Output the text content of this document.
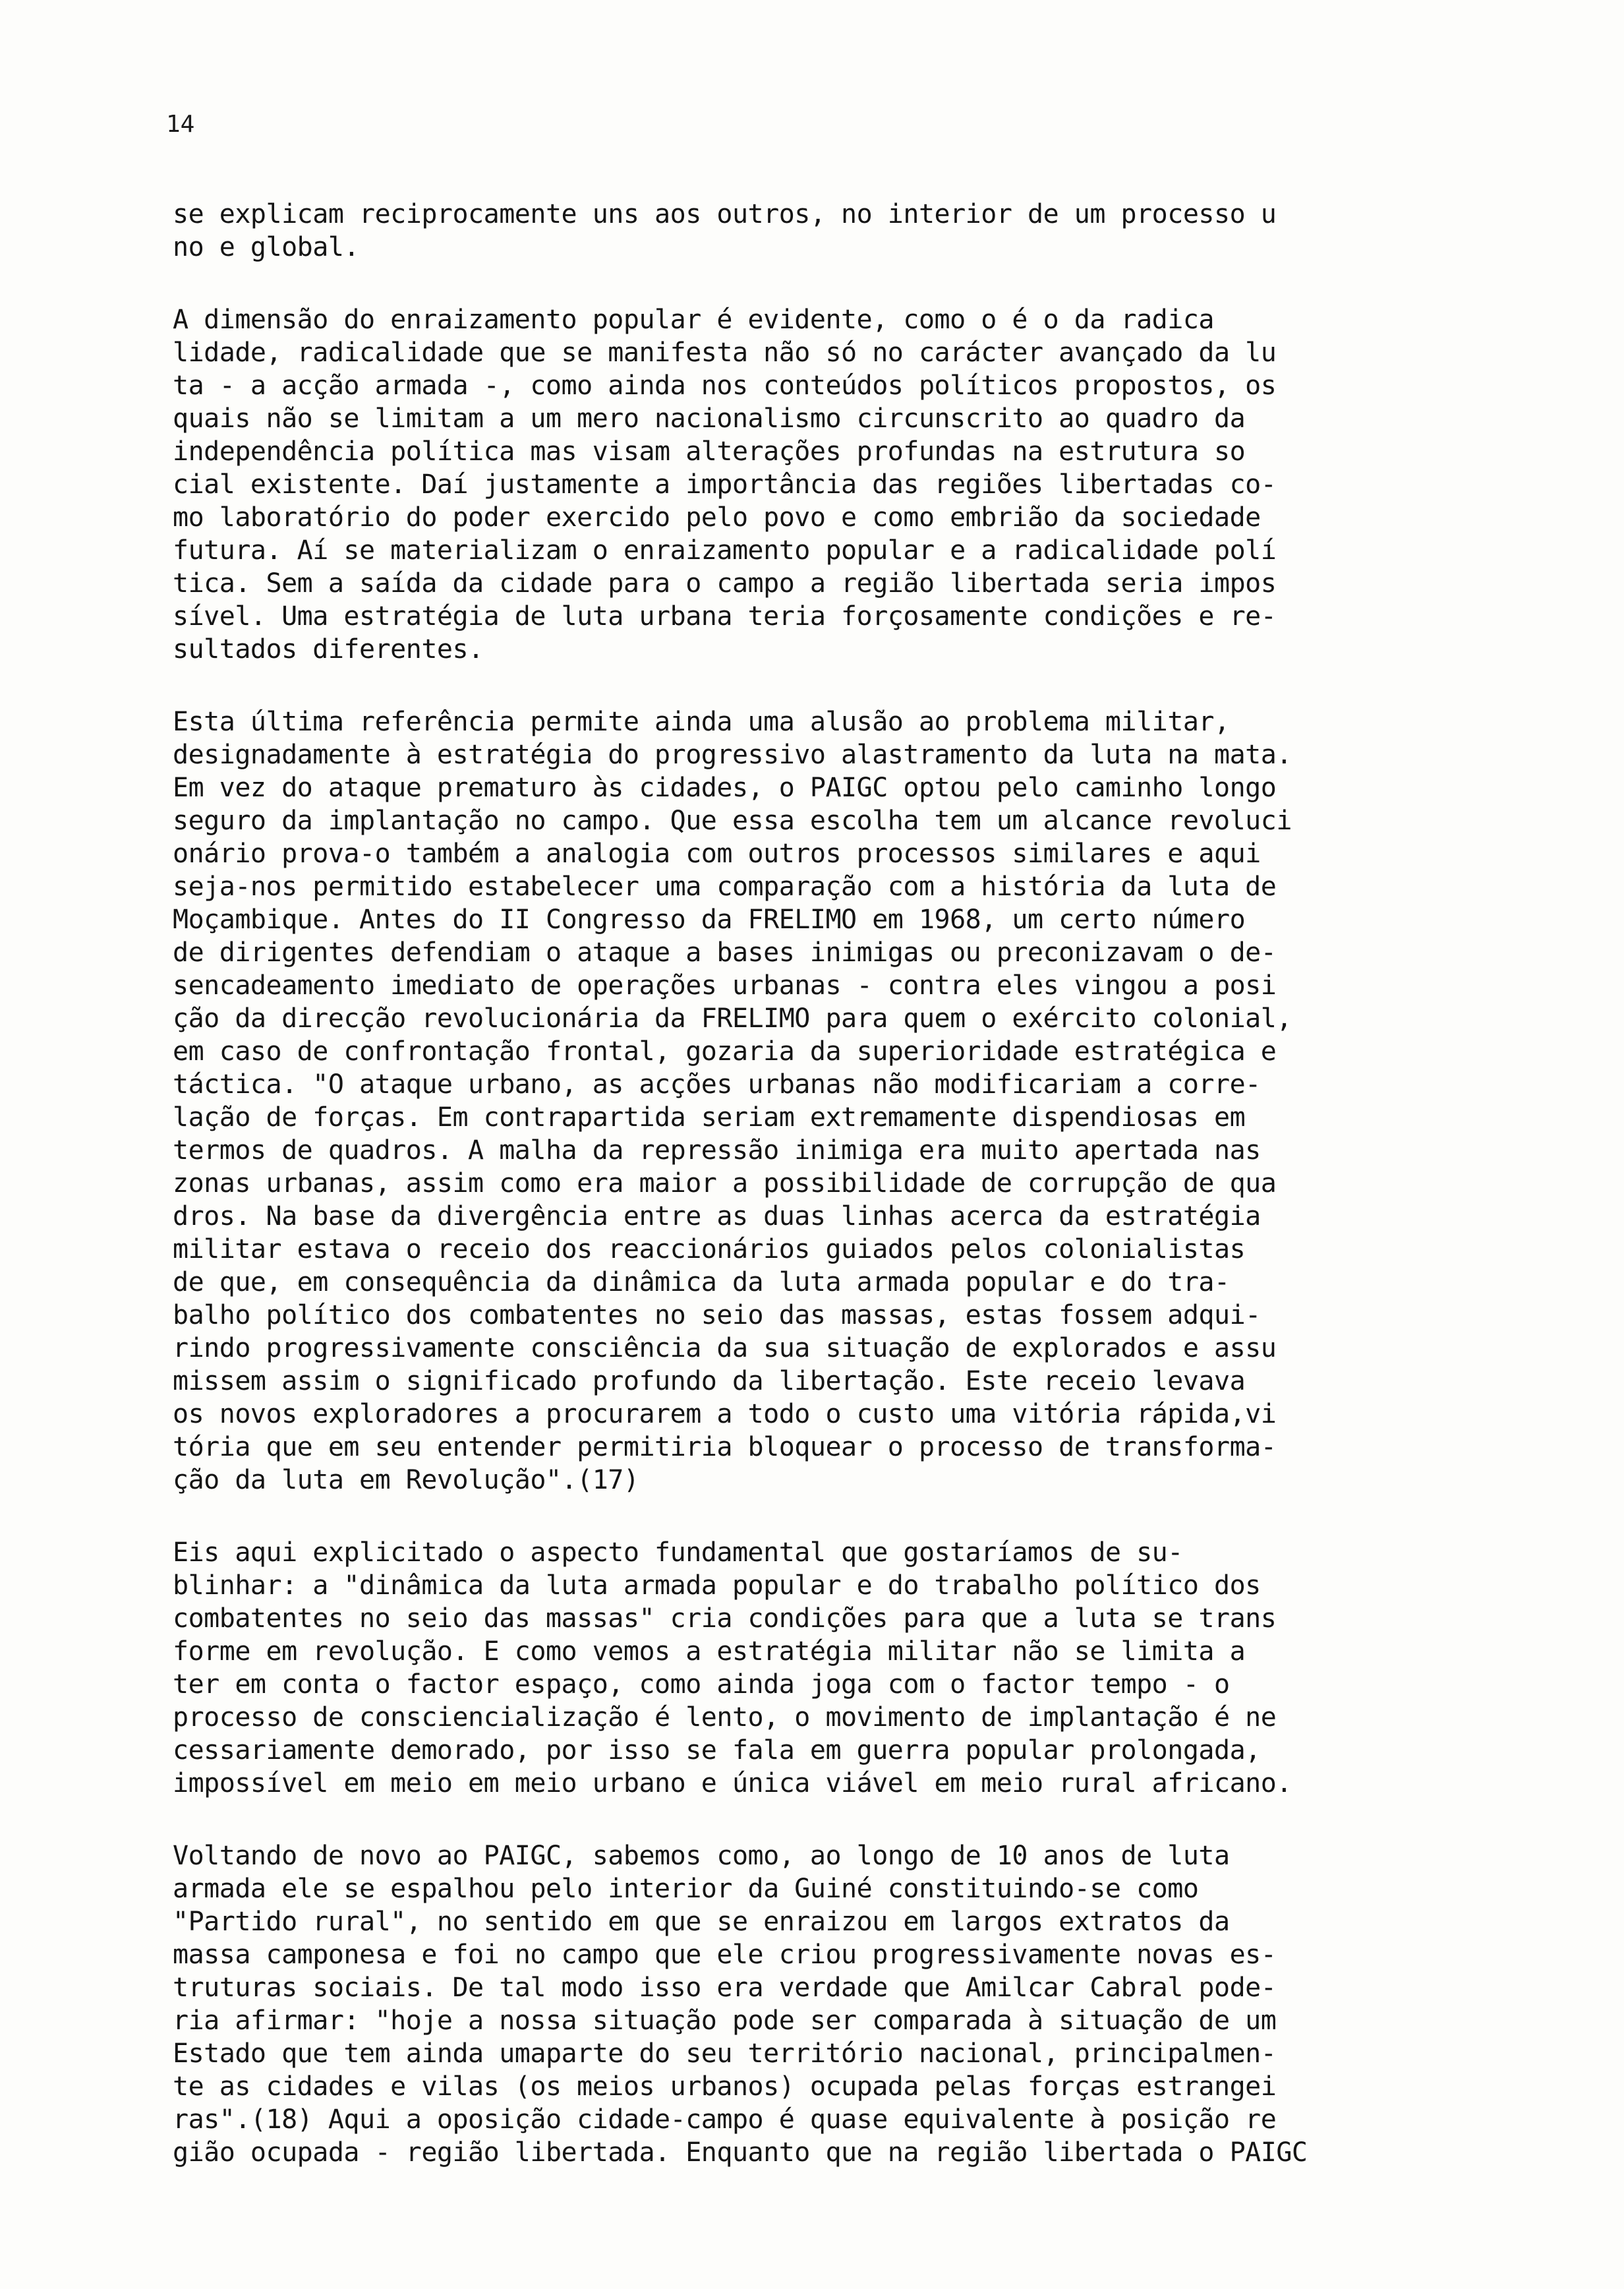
14
se explicam reciprocamente uns aos outros, no interior de um processo u
no e global.
A dimensão do enraizamento popular é evidente, como o é o da radica
lidade, radicalidade que se manifesta não só no carácter avançado da lu
ta - a acção armada -, como ainda nos conteúdos políticos propostos, os
quais não se limitam a um mero nacionalismo circunscrito ao quadro da
independência política mas visam alterações profundas na estrutura so
cial existente. Daí justamente a importância das regiões libertadas co-
mo laboratório do poder exercido pelo povo e como embrião da sociedade
futura. Aí se materializam o enraizamento popular e a radicalidade polí
tica. Sem a saída da cidade para o campo a região libertada seria impos
sível. Uma estratégia de luta urbana teria forçosamente condições e re-
sultados diferentes.
Esta última referência permite ainda uma alusão ao problema militar,
designadamente à estratégia do progressivo alastramento da luta na mata.
Em vez do ataque prematuro às cidades, o PAIGC optou pelo caminho longo
seguro da implantação no campo. Que essa escolha tem um alcance revoluci
onário prova-o também a analogia com outros processos similares e aqui
seja-nos permitido estabelecer uma comparação com a história da luta de
Moçambique. Antes do II Congresso da FRELIMO em 1968, um certo número
de dirigentes defendiam o ataque a bases inimigas ou preconizavam o de-
sencadeamento imediato de operações urbanas - contra eles vingou a posi
ção da direcção revolucionária da FRELIMO para quem o exército colonial,
em caso de confrontação frontal, gozaria da superioridade estratégica e
táctica. "O ataque urbano, as acções urbanas não modificariam a corre-
lação de forças. Em contrapartida seriam extremamente dispendiosas em
termos de quadros. A malha da repressão inimiga era muito apertada nas
zonas urbanas, assim como era maior a possibilidade de corrupção de qua
dros. Na base da divergência entre as duas linhas acerca da estratégia
militar estava o receio dos reaccionários guiados pelos colonialistas
de que, em consequência da dinâmica da luta armada popular e do tra-
balho político dos combatentes no seio das massas, estas fossem adqui-
rindo progressivamente consciência da sua situação de explorados e assu
missem assim o significado profundo da libertação. Este receio levava
os novos exploradores a procurarem a todo o custo uma vitória rápida,vi
tória que em seu entender permitiria bloquear o processo de transforma-
ção da luta em Revolução".(17)
Eis aqui explicitado o aspecto fundamental que gostaríamos de su-
blinhar: a "dinâmica da luta armada popular e do trabalho político dos
combatentes no seio das massas" cria condições para que a luta se trans
forme em revolução. E como vemos a estratégia militar não se limita a
ter em conta o factor espaço, como ainda joga com o factor tempo - o
processo de consciencialização é lento, o movimento de implantação é ne
cessariamente demorado, por isso se fala em guerra popular prolongada,
impossível em meio em meio urbano e única viável em meio rural africano.
Voltando de novo ao PAIGC, sabemos como, ao longo de 10 anos de luta
armada ele se espalhou pelo interior da Guiné constituindo-se como
"Partido rural", no sentido em que se enraizou em largos extratos da
massa camponesa e foi no campo que ele criou progressivamente novas es-
truturas sociais. De tal modo isso era verdade que Amilcar Cabral pode-
ria afirmar: "hoje a nossa situação pode ser comparada à situação de um
Estado que tem ainda umaparte do seu território nacional, principalmen-
te as cidades e vilas (os meios urbanos) ocupada pelas forças estrangei
ras".(18) Aqui a oposição cidade-campo é quase equivalente à posição re
gião ocupada - região libertada. Enquanto que na região libertada o PAIGC
